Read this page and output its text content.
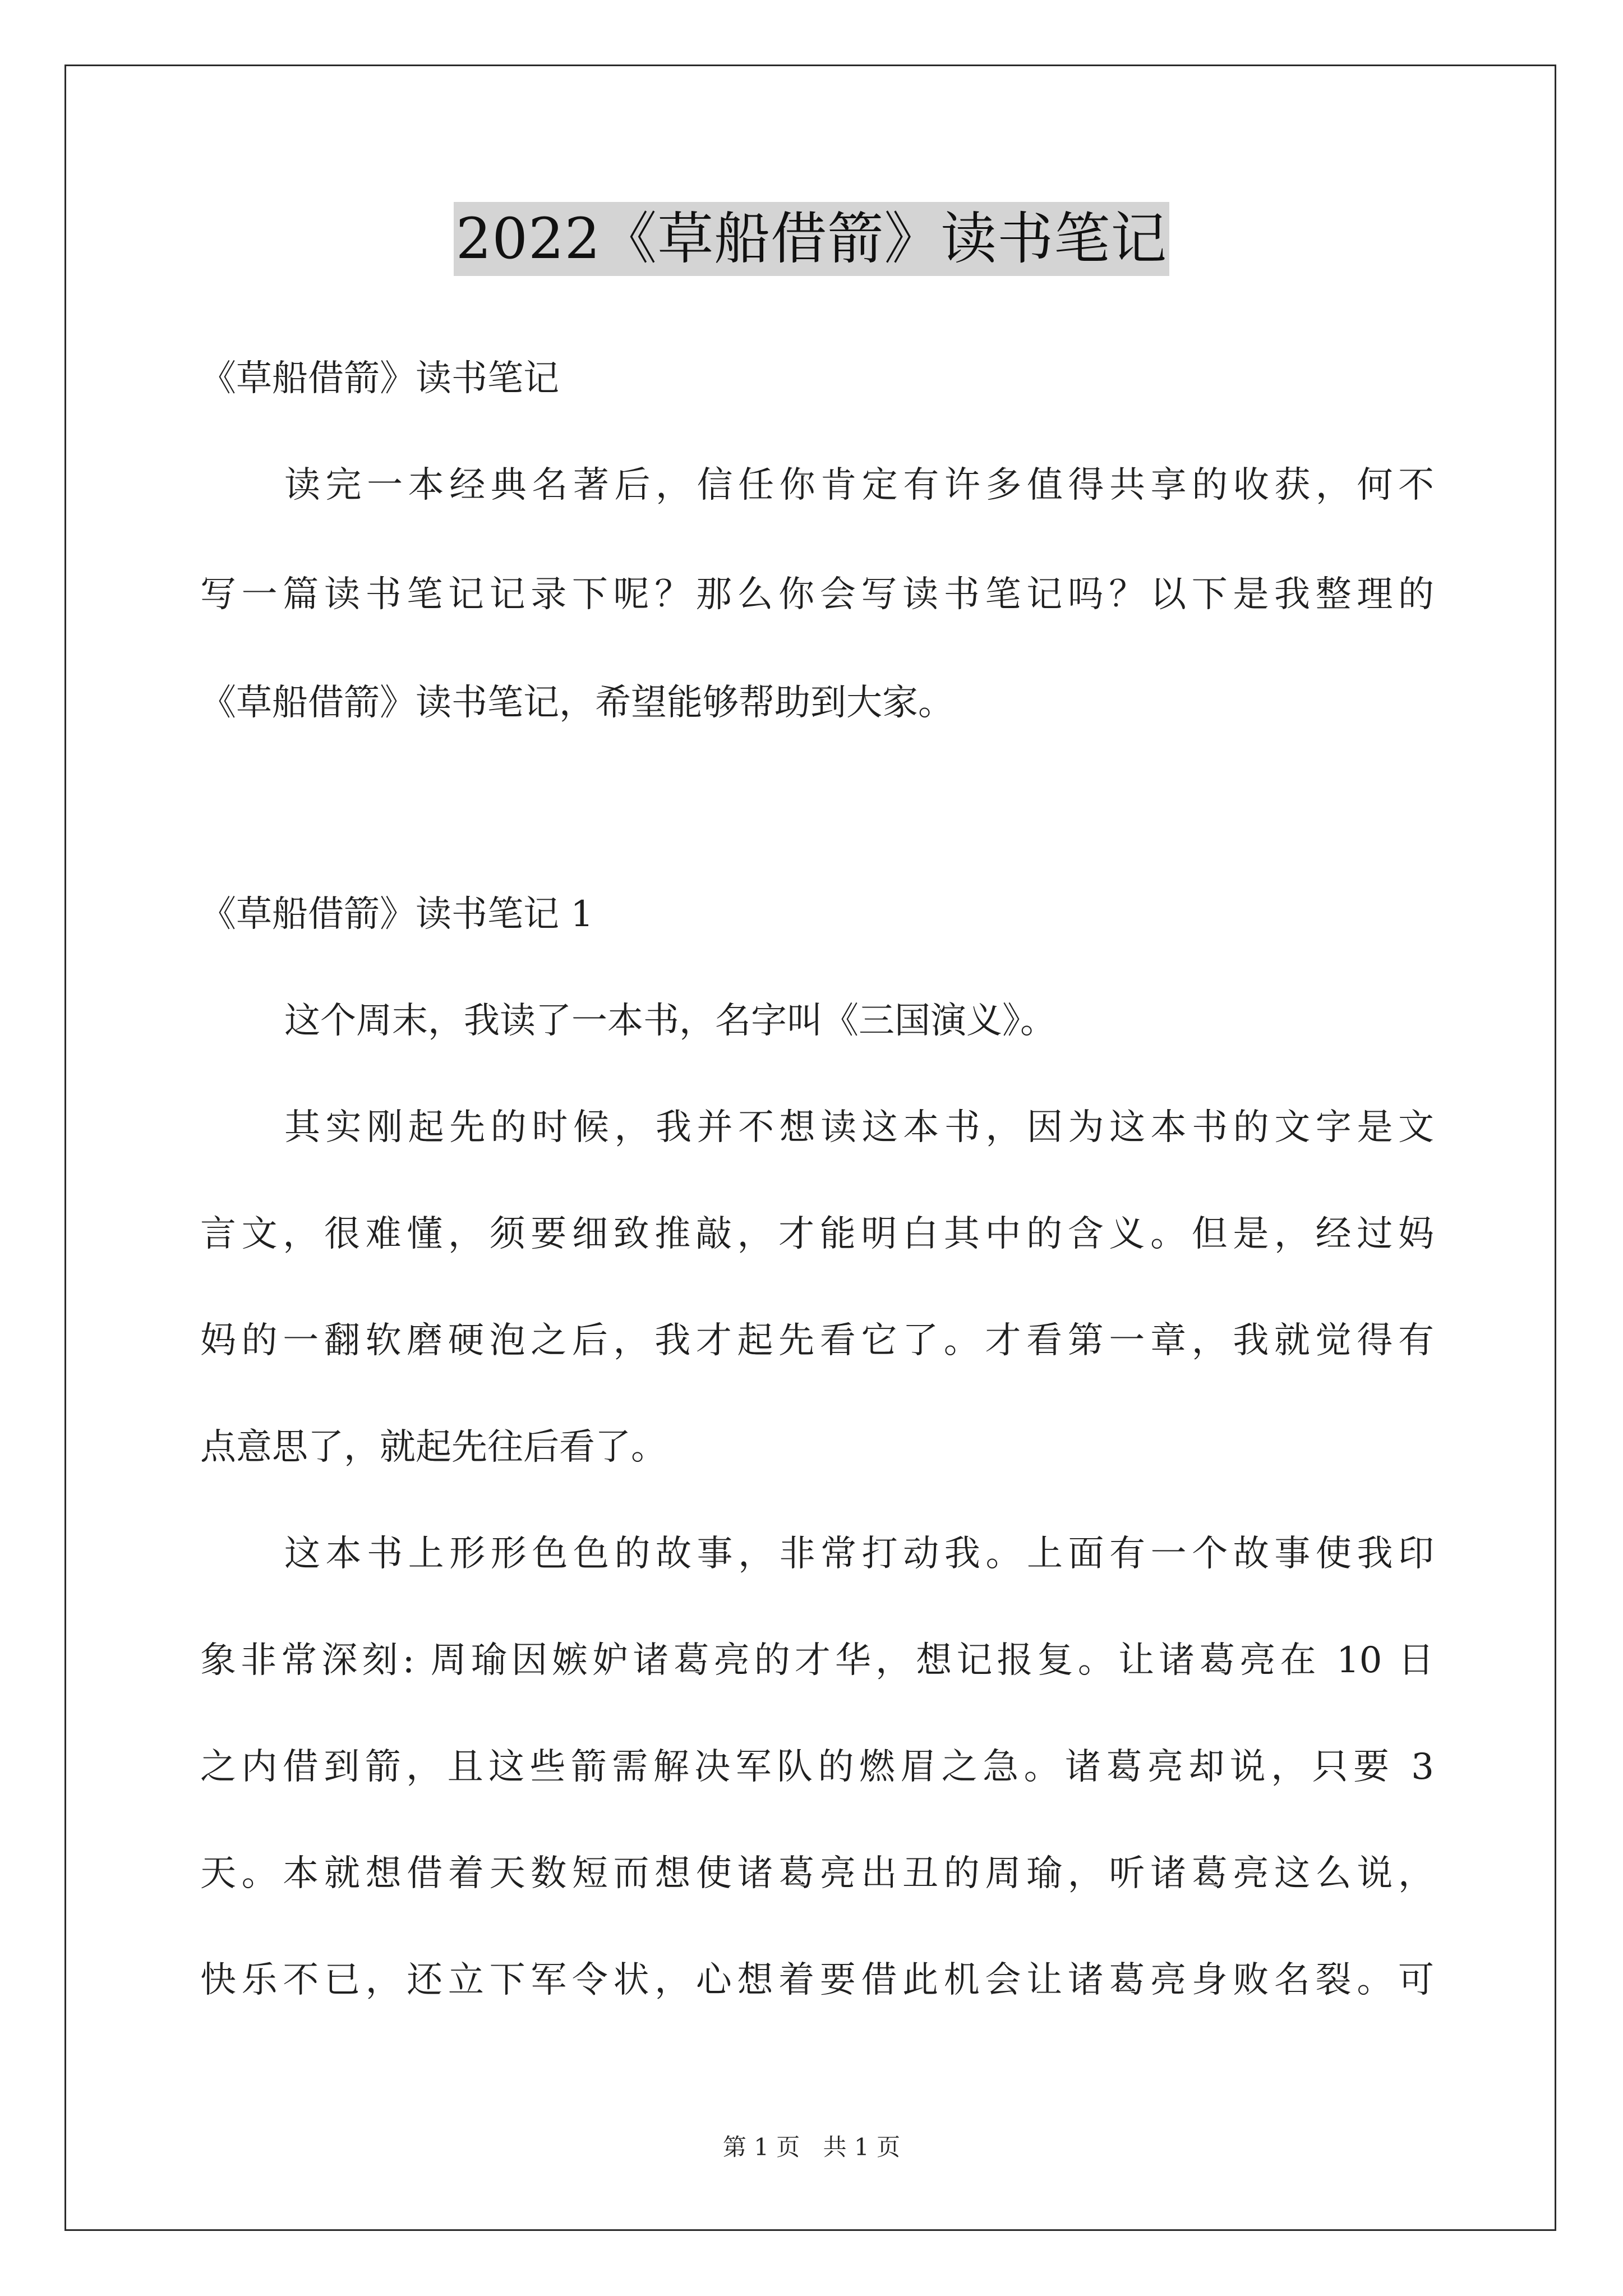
2022《草船借箭》读书笔记
《草船借箭》读书笔记
读完一本经典名著后，信任你肯定有许多值得共享的收获，何不
写一篇读书笔记记录下呢？那么你会写读书笔记吗？以下是我整理的
《草船借箭》读书笔记，希望能够帮助到大家。
《草船借箭》读书笔记 1
这个周末，我读了一本书，名字叫《三国演义》。
其实刚起先的时候，我并不想读这本书，因为这本书的文字是文
言文，很难懂，须要细致推敲，才能明白其中的含义。但是，经过妈
妈的一翻软磨硬泡之后，我才起先看它了。才看第一章，我就觉得有
点意思了，就起先往后看了。
这本书上形形色色的故事，非常打动我。上面有一个故事使我印
象非常深刻: 周瑜因嫉妒诸葛亮的才华，想记报复。让诸葛亮在 10 日
之内借到箭，且这些箭需解决军队的燃眉之急。诸葛亮却说，只要 3
天。本就想借着天数短而想使诸葛亮出丑的周瑜，听诸葛亮这么说，
快乐不已，还立下军令状，心想着要借此机会让诸葛亮身败名裂。可
第 1 页 共 1 页
